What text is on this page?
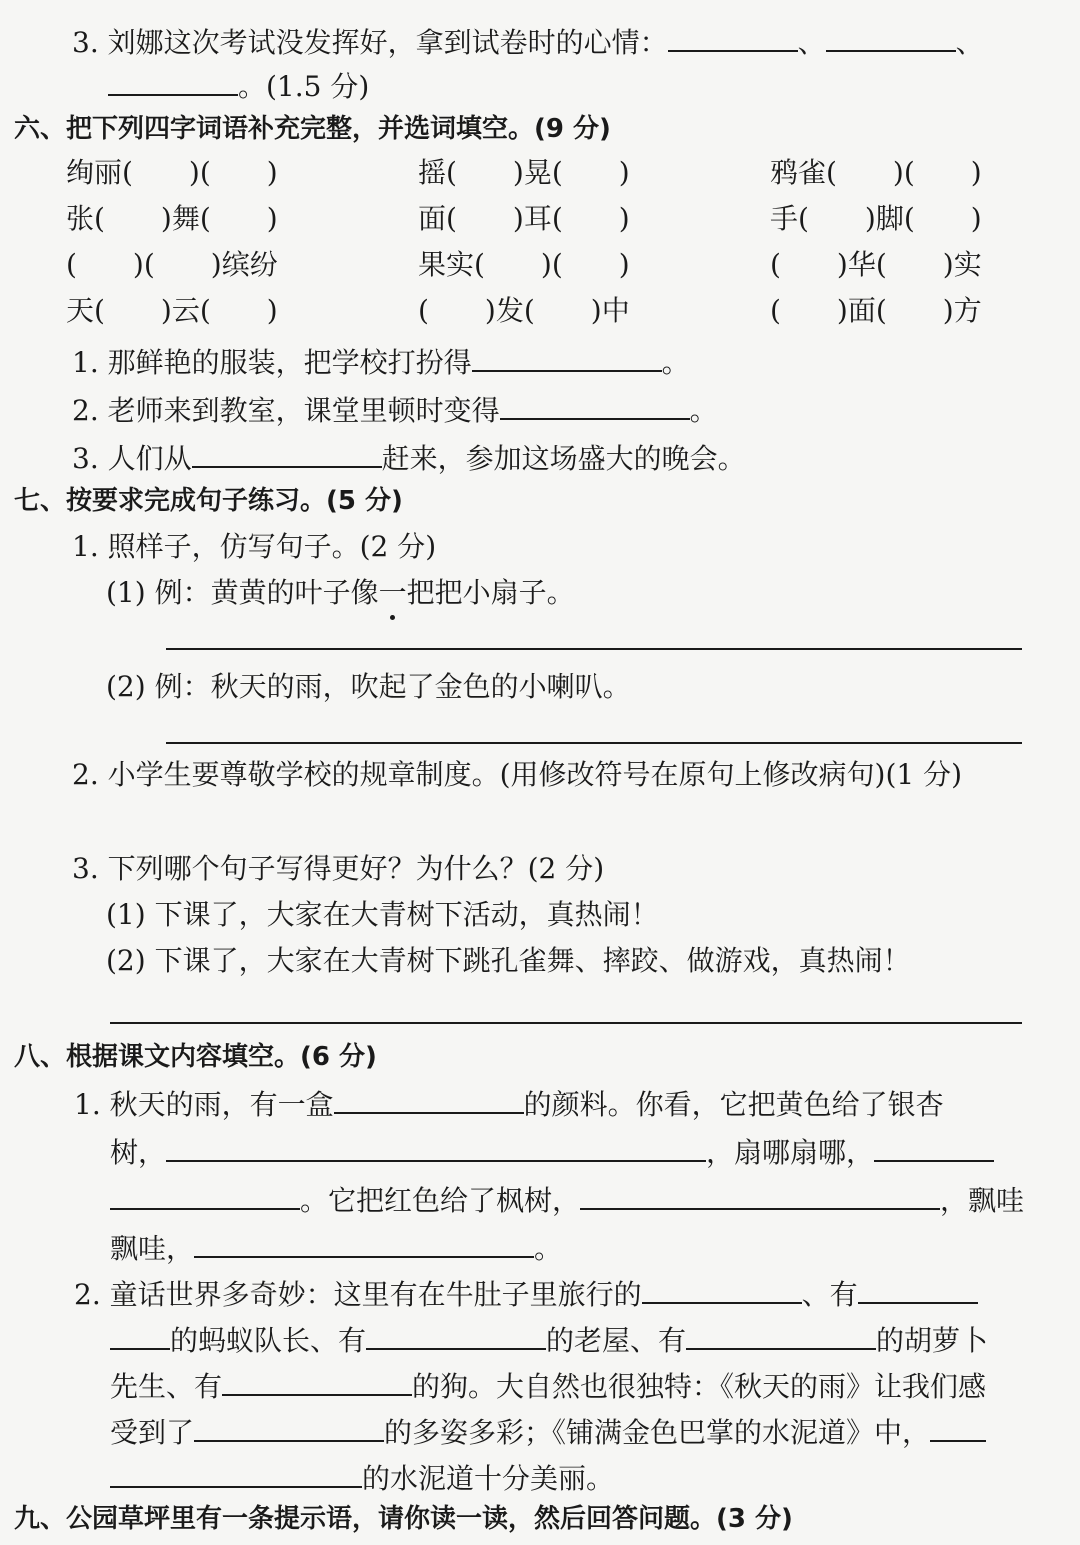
3. 刘娜这次考试没发挥好，拿到试卷时的心情：	、	、
。(1.5 分)
六、把下列四字词语补充完整，并选词填空。(9 分)
绚丽(　　)(　　)	摇(　　)晃(　　)	鸦雀(　　)(　　)
张(　　)舞(　　)	面(　　)耳(　　)	手(　　)脚(　　)
(　　)(　　)缤纷	果实(　　)(　　)	(　　)华(　　)实
天(　　)云(　　)	(　　)发(　　)中	(　　)面(　　)方
1. 那鲜艳的服装，把学校打扮得	。
2. 老师来到教室，课堂里顿时变得	。
3. 人们从	赶来，参加这场盛大的晚会。
七、按要求完成句子练习。(5 分)
1. 照样子，仿写句子。(2 分)
(1) 例：黄黄的叶子像一把把小扇子。
(2) 例：秋天的雨，吹起了金色的小喇叭。
2. 小学生要尊敬学校的规章制度。(用修改符号在原句上修改病句)(1 分)
3. 下列哪个句子写得更好？为什么？(2 分)
(1) 下课了，大家在大青树下活动，真热闹！
(2) 下课了，大家在大青树下跳孔雀舞、摔跤、做游戏，真热闹！
八、根据课文内容填空。(6 分)
1. 秋天的雨，有一盒	的颜料。你看，它把黄色给了银杏
树，	，扇哪扇哪，
。它把红色给了枫树，	，飘哇
飘哇，	。
2. 童话世界多奇妙：这里有在牛肚子里旅行的	、有
的蚂蚁队长、有	的老屋、有	的胡萝卜
先生、有	的狗。大自然也很独特：《秋天的雨》让我们感
受到了	的多姿多彩；《铺满金色巴掌的水泥道》中，
的水泥道十分美丽。
九、公园草坪里有一条提示语，请你读一读，然后回答问题。(3 分)
